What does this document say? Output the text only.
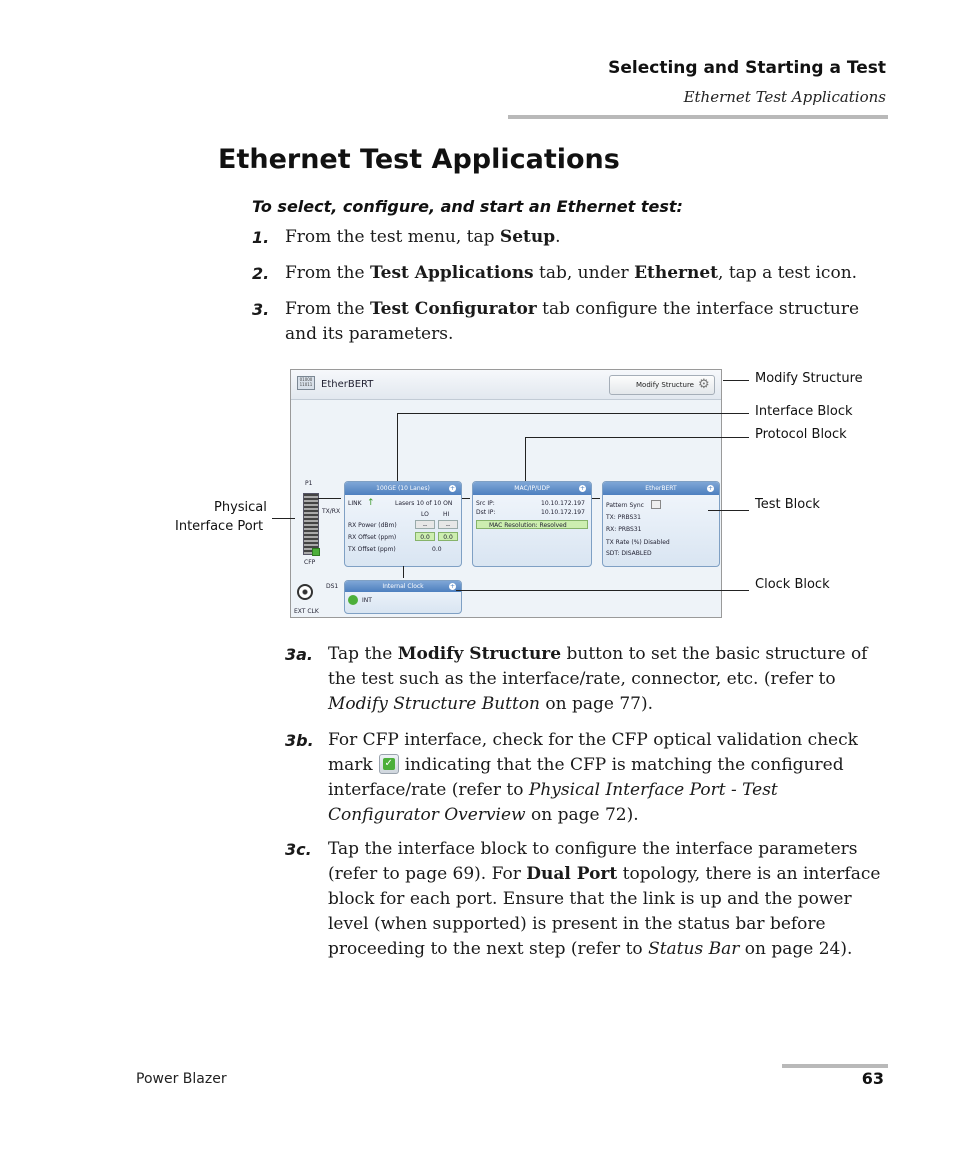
Selecting and Starting a Test
Ethernet Test Applications
Ethernet Test Applications
To select, configure, and start an Ethernet test:
1. From the test menu, tap Setup.
2. From the Test Applications tab, under Ethernet, tap a test icon.
3. From the Test Configurator tab configure the interface structure and its parameters.
01000 11011 EtherBERT	Modify Structure ⚙
P1
TX/RX
CFP
100GE (10 Lanes)	+
LINK ↑	Lasers 10 of 10 ON
LO HI
RX Power (dBm)	--	--
RX Offset (ppm)	0.0	0.0
TX Offset (ppm)	0.0
MAC/IP/UDP	+
Src IP:	10.10.172.197
Dst IP:	10.10.172.197
MAC Resolution: Resolved
EtherBERT	+
Pattern Sync
TX: PRBS31
RX: PRBS31
TX Rate (%) Disabled
SDT: DISABLED
DS1
EXT CLK
Internal Clock	+
INT
Modify Structure
Interface Block
Protocol Block
Test Block
Clock Block
Physical
Interface Port
3a. Tap the Modify Structure button to set the basic structure of the test such as the interface/rate, connector, etc. (refer to Modify Structure Button on page 77).
3b. For CFP interface, check for the CFP optical validation check mark ✓ indicating that the CFP is matching the configured interface/rate (refer to Physical Interface Port - Test Configurator Overview on page 72).
3c. Tap the interface block to configure the interface parameters (refer to page 69). For Dual Port topology, there is an interface block for each port. Ensure that the link is up and the power level (when supported) is present in the status bar before proceeding to the next step (refer to Status Bar on page 24).
Power Blazer	63
